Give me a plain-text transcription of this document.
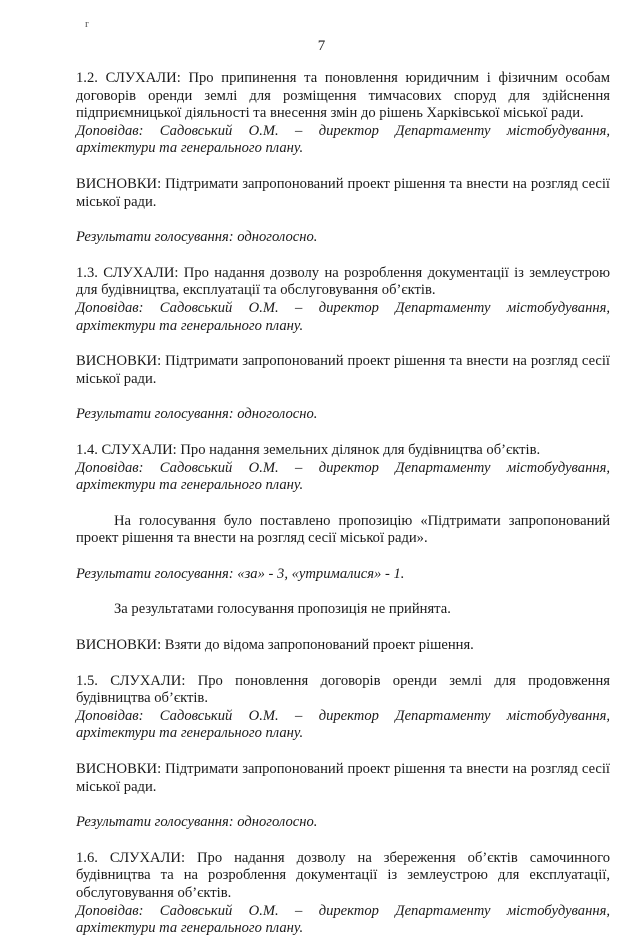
r
7

1.2. СЛУХАЛИ: Про припинення та поновлення юридичним і фізичним особам договорів оренди землі для розміщення тимчасових споруд для здійснення підприємницької діяльності та внесення змін до рішень Харківської міської ради.

Доповідав: Садовський О.М. – директор Департаменту містобудування, архітектури та генерального плану.

ВИСНОВКИ: Підтримати запропонований проект рішення та внести на розгляд сесії міської ради.

Результати голосування: одноголосно.

1.3. СЛУХАЛИ: Про надання дозволу на розроблення документації із землеустрою для будівництва, експлуатації та обслуговування об’єктів.

Доповідав: Садовський О.М. – директор Департаменту містобудування, архітектури та генерального плану.

ВИСНОВКИ: Підтримати запропонований проект рішення та внести на розгляд сесії міської ради.

Результати голосування: одноголосно.

1.4. СЛУХАЛИ: Про надання земельних ділянок для будівництва об’єктів.

Доповідав: Садовський О.М. – директор Департаменту містобудування, архітектури та генерального плану.

На голосування було поставлено пропозицію «Підтримати запропонований проект рішення та внести на розгляд сесії міської ради».

Результати голосування: «за» - 3, «утрималися» - 1.

За результатами голосування пропозиція не прийнята.

ВИСНОВКИ: Взяти до відома запропонований проект рішення.

1.5. СЛУХАЛИ: Про поновлення договорів оренди землі для продовження будівництва об’єктів.

Доповідав: Садовський О.М. – директор Департаменту містобудування, архітектури та генерального плану.

ВИСНОВКИ: Підтримати запропонований проект рішення та внести на розгляд сесії міської ради.

Результати голосування: одноголосно.

1.6. СЛУХАЛИ: Про надання дозволу на збереження об’єктів самочинного будівництва та на розроблення документації із землеустрою для експлуатації, обслуговування об’єктів.

Доповідав: Садовський О.М. – директор Департаменту містобудування, архітектури та генерального плану.
